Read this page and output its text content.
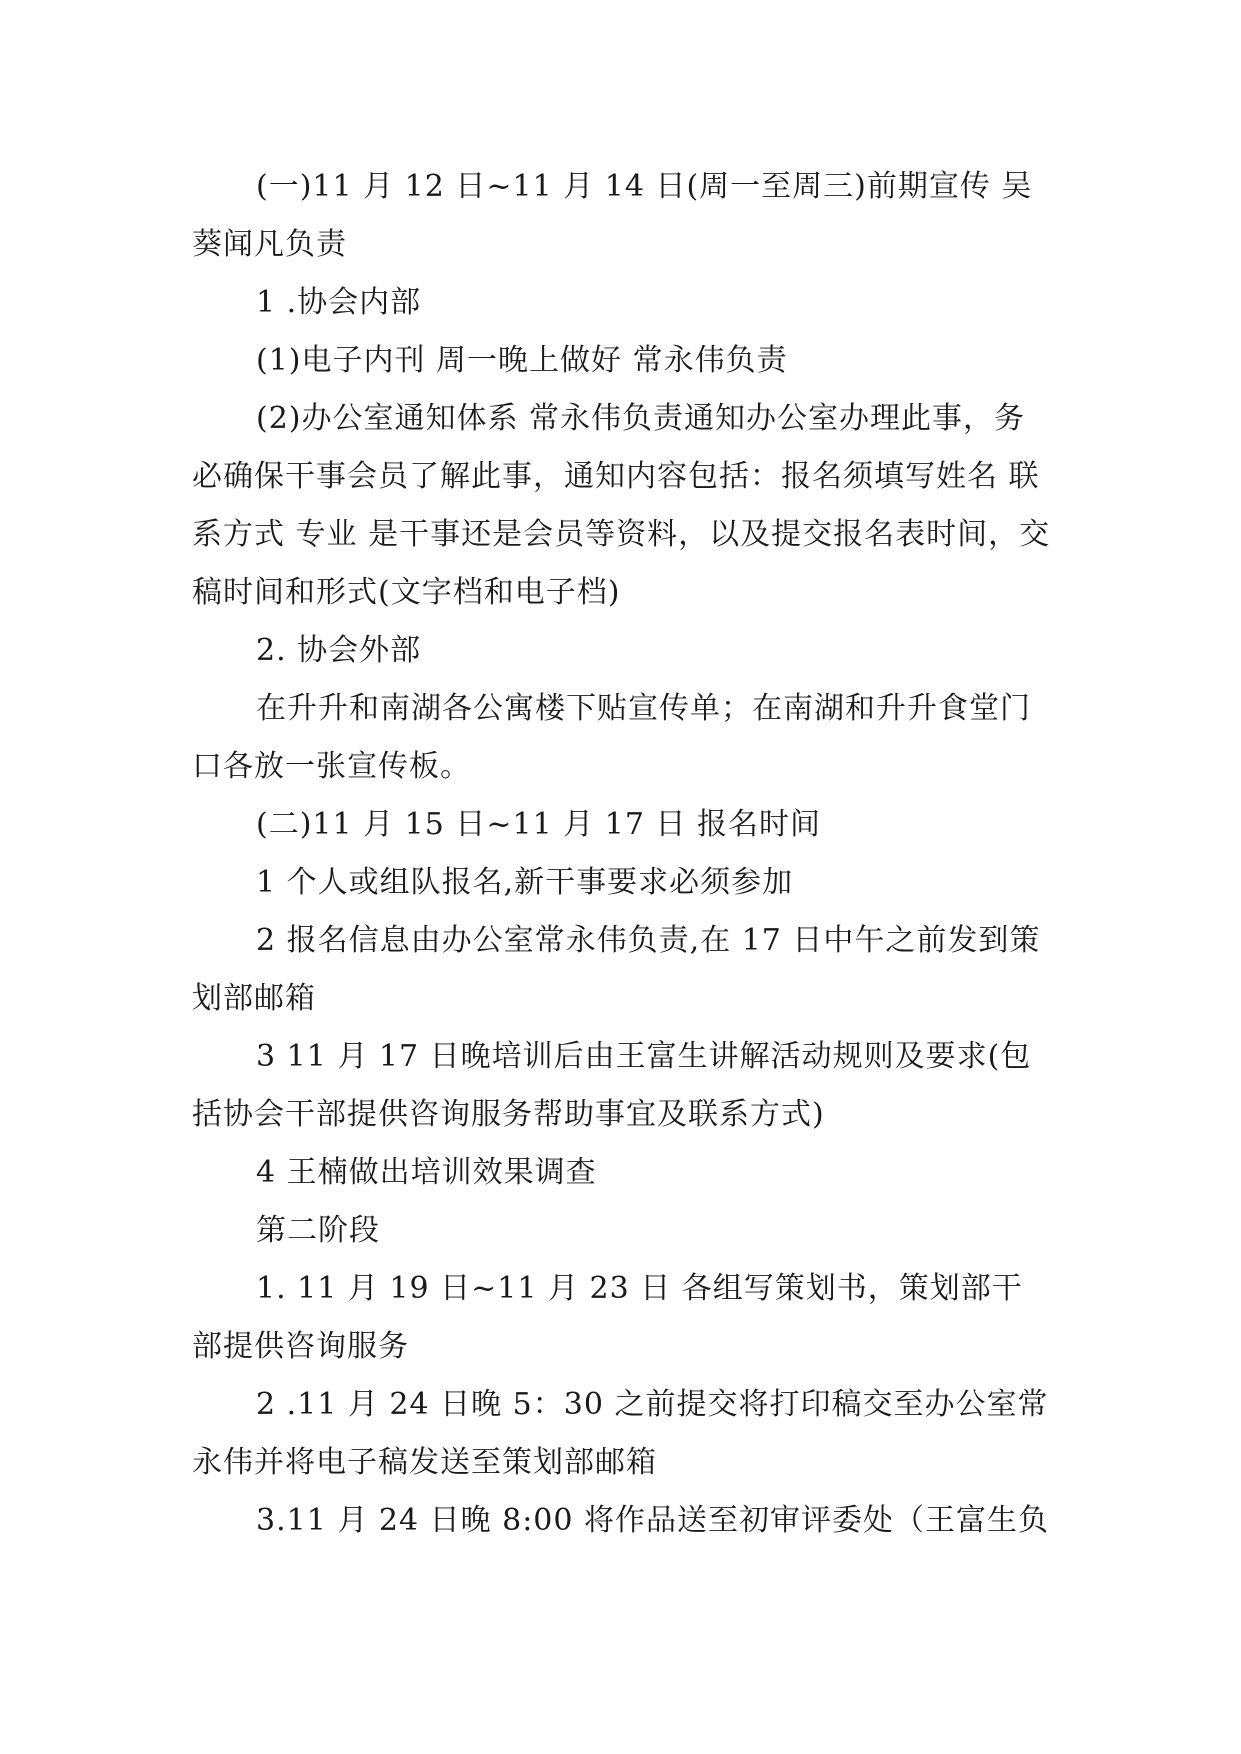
(一)11 月 12 日~11 月 14 日(周一至周三)前期宣传 吴葵闻凡负责

1 .协会内部

(1)电子内刊 周一晚上做好 常永伟负责

(2)办公室通知体系 常永伟负责通知办公室办理此事，务必确保干事会员了解此事，通知内容包括：报名须填写姓名 联系方式 专业 是干事还是会员等资料，以及提交报名表时间，交稿时间和形式(文字档和电子档)

2. 协会外部

在升升和南湖各公寓楼下贴宣传单；在南湖和升升食堂门口各放一张宣传板。

(二)11 月 15 日~11 月 17 日 报名时间

1 个人或组队报名,新干事要求必须参加

2 报名信息由办公室常永伟负责,在 17 日中午之前发到策划部邮箱

3 11 月 17 日晚培训后由王富生讲解活动规则及要求(包括协会干部提供咨询服务帮助事宜及联系方式)

4 王楠做出培训效果调查

第二阶段

1. 11 月 19 日~11 月 23 日 各组写策划书，策划部干部提供咨询服务

2 .11 月 24 日晚 5：30 之前提交将打印稿交至办公室常永伟并将电子稿发送至策划部邮箱

3.11 月 24 日晚 8:00 将作品送至初审评委处（王富生负
